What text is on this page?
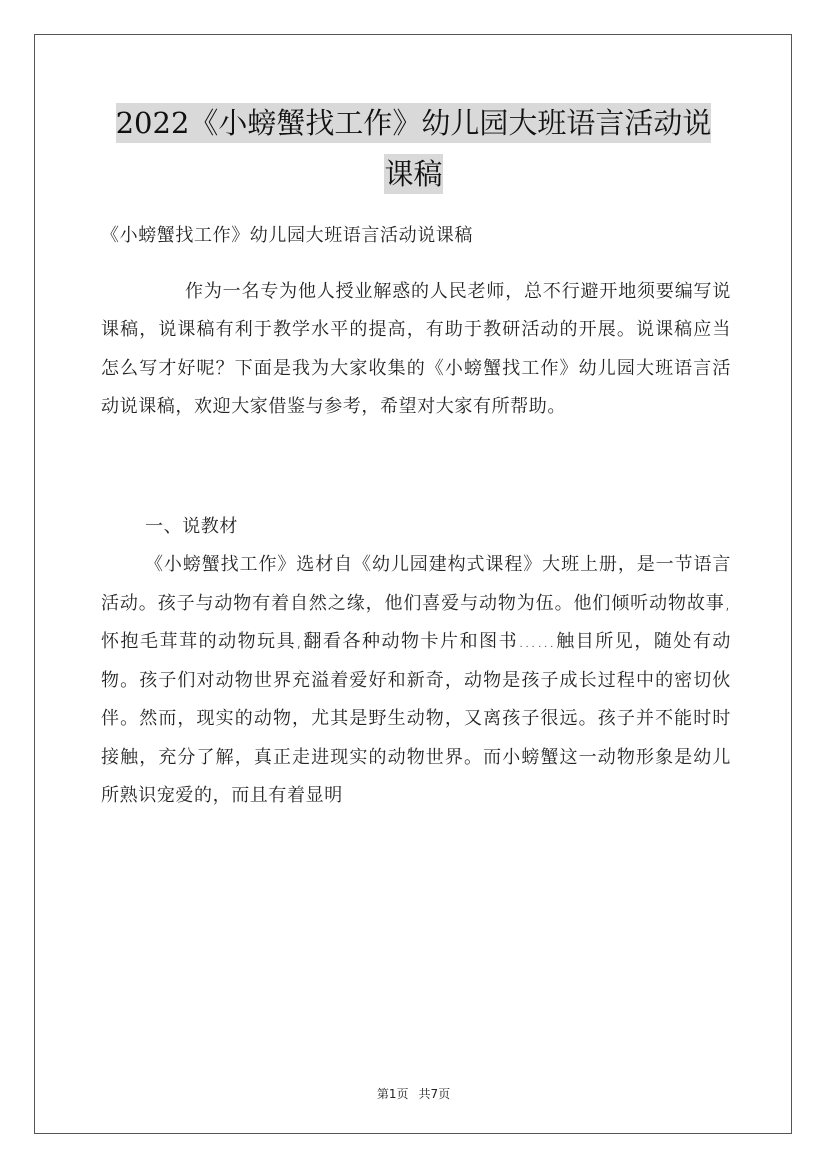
2022《小螃蟹找工作》幼儿园大班语言活动说
课稿

《小螃蟹找工作》幼儿园大班语言活动说课稿

作为一名专为他人授业解惑的人民老师，总不行避开地须要编写说课稿，说课稿有利于教学水平的提高，有助于教研活动的开展。说课稿应当怎么写才好呢？下面是我为大家收集的《小螃蟹找工作》幼儿园大班语言活动说课稿，欢迎大家借鉴与参考，希望对大家有所帮助。

一、说教材

《小螃蟹找工作》选材自《幼儿园建构式课程》大班上册，是一节语言活动。孩子与动物有着自然之缘，他们喜爱与动物为伍。他们倾听动物故事,怀抱毛茸茸的动物玩具,翻看各种动物卡片和图书……触目所见，随处有动物。孩子们对动物世界充溢着爱好和新奇，动物是孩子成长过程中的密切伙伴。然而，现实的动物，尤其是野生动物，又离孩子很远。孩子并不能时时接触，充分了解，真正走进现实的动物世界。而小螃蟹这一动物形象是幼儿所熟识宠爱的，而且有着显明

第1页 共7页
